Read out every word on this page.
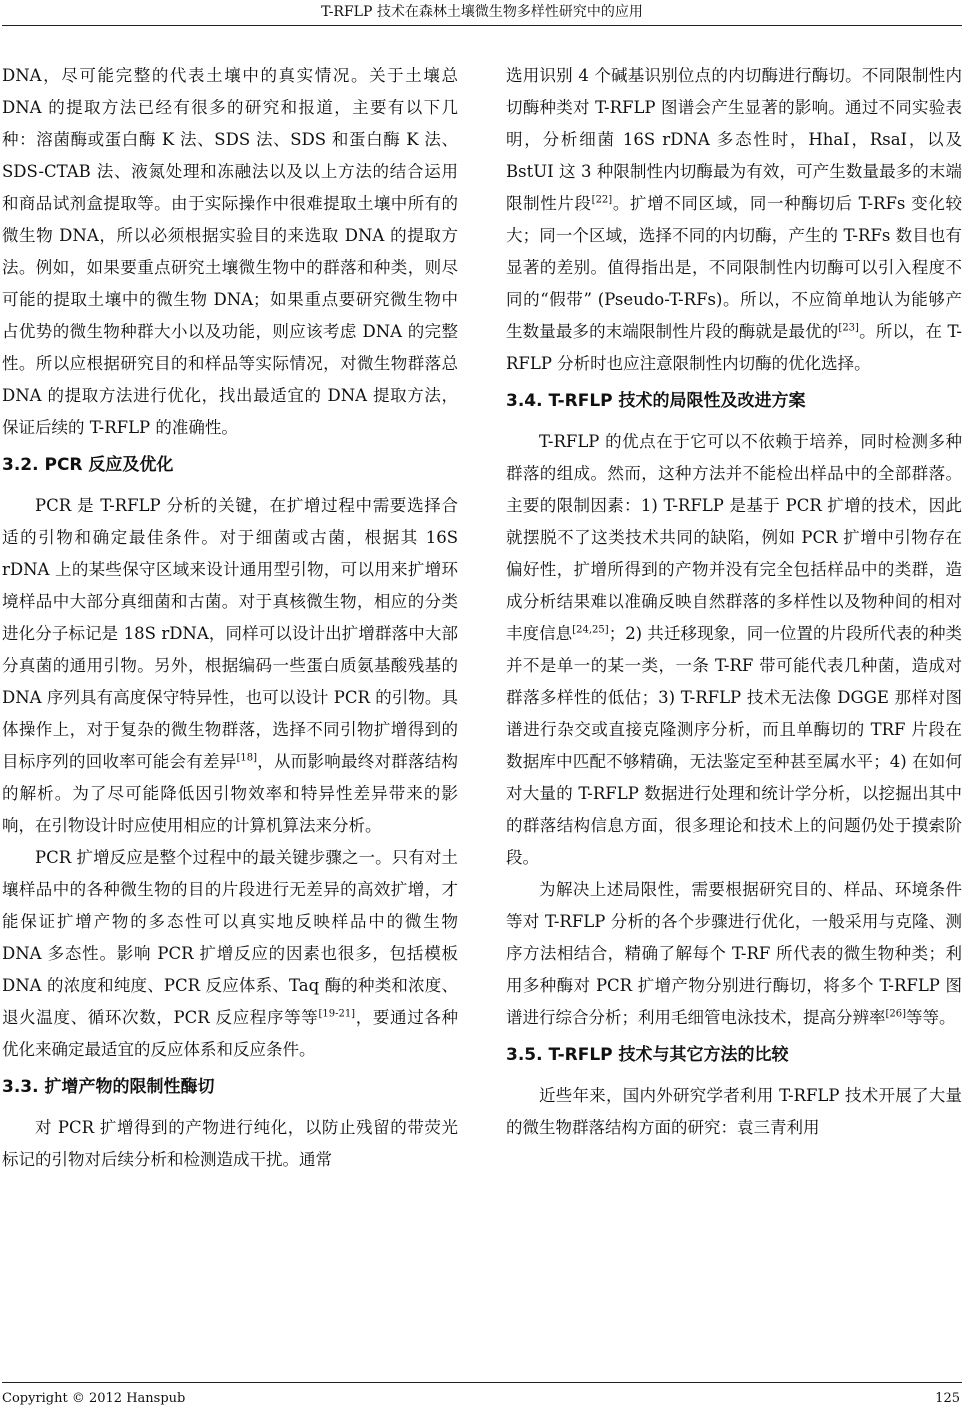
T-RFLP 技术在森林土壤微生物多样性研究中的应用

DNA，尽可能完整的代表土壤中的真实情况。关于土壤总 DNA 的提取方法已经有很多的研究和报道，主要有以下几种：溶菌酶或蛋白酶 K 法、SDS 法、SDS 和蛋白酶 K 法、SDS-CTAB 法、液氮处理和冻融法以及以上方法的结合运用和商品试剂盒提取等。由于实际操作中很难提取土壤中所有的微生物 DNA，所以必须根据实验目的来选取 DNA 的提取方法。例如，如果要重点研究土壤微生物中的群落和种类，则尽可能的提取土壤中的微生物 DNA；如果重点要研究微生物中占优势的微生物种群大小以及功能，则应该考虑 DNA 的完整性。所以应根据研究目的和样品等实际情况，对微生物群落总 DNA 的提取方法进行优化，找出最适宜的 DNA 提取方法，保证后续的 T-RFLP 的准确性。

3.2. PCR 反应及优化

PCR 是 T-RFLP 分析的关键，在扩增过程中需要选择合适的引物和确定最佳条件。对于细菌或古菌，根据其 16S rDNA 上的某些保守区域来设计通用型引物，可以用来扩增环境样品中大部分真细菌和古菌。对于真核微生物，相应的分类进化分子标记是 18S rDNA，同样可以设计出扩增群落中大部分真菌的通用引物。另外，根据编码一些蛋白质氨基酸残基的 DNA 序列具有高度保守特异性，也可以设计 PCR 的引物。具体操作上，对于复杂的微生物群落，选择不同引物扩增得到的目标序列的回收率可能会有差异[18]，从而影响最终对群落结构的解析。为了尽可能降低因引物效率和特异性差异带来的影响，在引物设计时应使用相应的计算机算法来分析。

PCR 扩增反应是整个过程中的最关键步骤之一。只有对土壤样品中的各种微生物的目的片段进行无差异的高效扩增，才能保证扩增产物的多态性可以真实地反映样品中的微生物 DNA 多态性。影响 PCR 扩增反应的因素也很多，包括模板 DNA 的浓度和纯度、PCR 反应体系、Taq 酶的种类和浓度、退火温度、循环次数，PCR 反应程序等等[19-21]，要通过各种优化来确定最适宜的反应体系和反应条件。

3.3. 扩增产物的限制性酶切

对 PCR 扩增得到的产物进行纯化，以防止残留的带荧光标记的引物对后续分析和检测造成干扰。通常

选用识别 4 个碱基识别位点的内切酶进行酶切。不同限制性内切酶种类对 T-RFLP 图谱会产生显著的影响。通过不同实验表明，分析细菌 16S rDNA 多态性时，HhaI，RsaI，以及 BstUI 这 3 种限制性内切酶最为有效，可产生数量最多的末端限制性片段[22]。扩增不同区域，同一种酶切后 T-RFs 变化较大；同一个区域，选择不同的内切酶，产生的 T-RFs 数目也有显著的差别。值得指出是，不同限制性内切酶可以引入程度不同的“假带” (Pseudo-T-RFs)。所以，不应简单地认为能够产生数量最多的末端限制性片段的酶就是最优的[23]。所以，在 T-RFLP 分析时也应注意限制性内切酶的优化选择。

3.4. T-RFLP 技术的局限性及改进方案

T-RFLP 的优点在于它可以不依赖于培养，同时检测多种群落的组成。然而，这种方法并不能检出样品中的全部群落。主要的限制因素：1) T-RFLP 是基于 PCR 扩增的技术，因此就摆脱不了这类技术共同的缺陷，例如 PCR 扩增中引物存在偏好性，扩增所得到的产物并没有完全包括样品中的类群，造成分析结果难以准确反映自然群落的多样性以及物种间的相对丰度信息[24,25]；2) 共迁移现象，同一位置的片段所代表的种类并不是单一的某一类，一条 T-RF 带可能代表几种菌，造成对群落多样性的低估；3) T-RFLP 技术无法像 DGGE 那样对图谱进行杂交或直接克隆测序分析，而且单酶切的 TRF 片段在数据库中匹配不够精确，无法鉴定至种甚至属水平；4) 在如何对大量的 T-RFLP 数据进行处理和统计学分析，以挖掘出其中的群落结构信息方面，很多理论和技术上的问题仍处于摸索阶段。

为解决上述局限性，需要根据研究目的、样品、环境条件等对 T-RFLP 分析的各个步骤进行优化，一般采用与克隆、测序方法相结合，精确了解每个 T-RF 所代表的微生物种类；利用多种酶对 PCR 扩增产物分别进行酶切，将多个 T-RFLP 图谱进行综合分析；利用毛细管电泳技术，提高分辨率[26]等等。

3.5. T-RFLP 技术与其它方法的比较

近些年来，国内外研究学者利用 T-RFLP 技术开展了大量的微生物群落结构方面的研究：袁三青利用

Copyright © 2012 Hanspub	125
